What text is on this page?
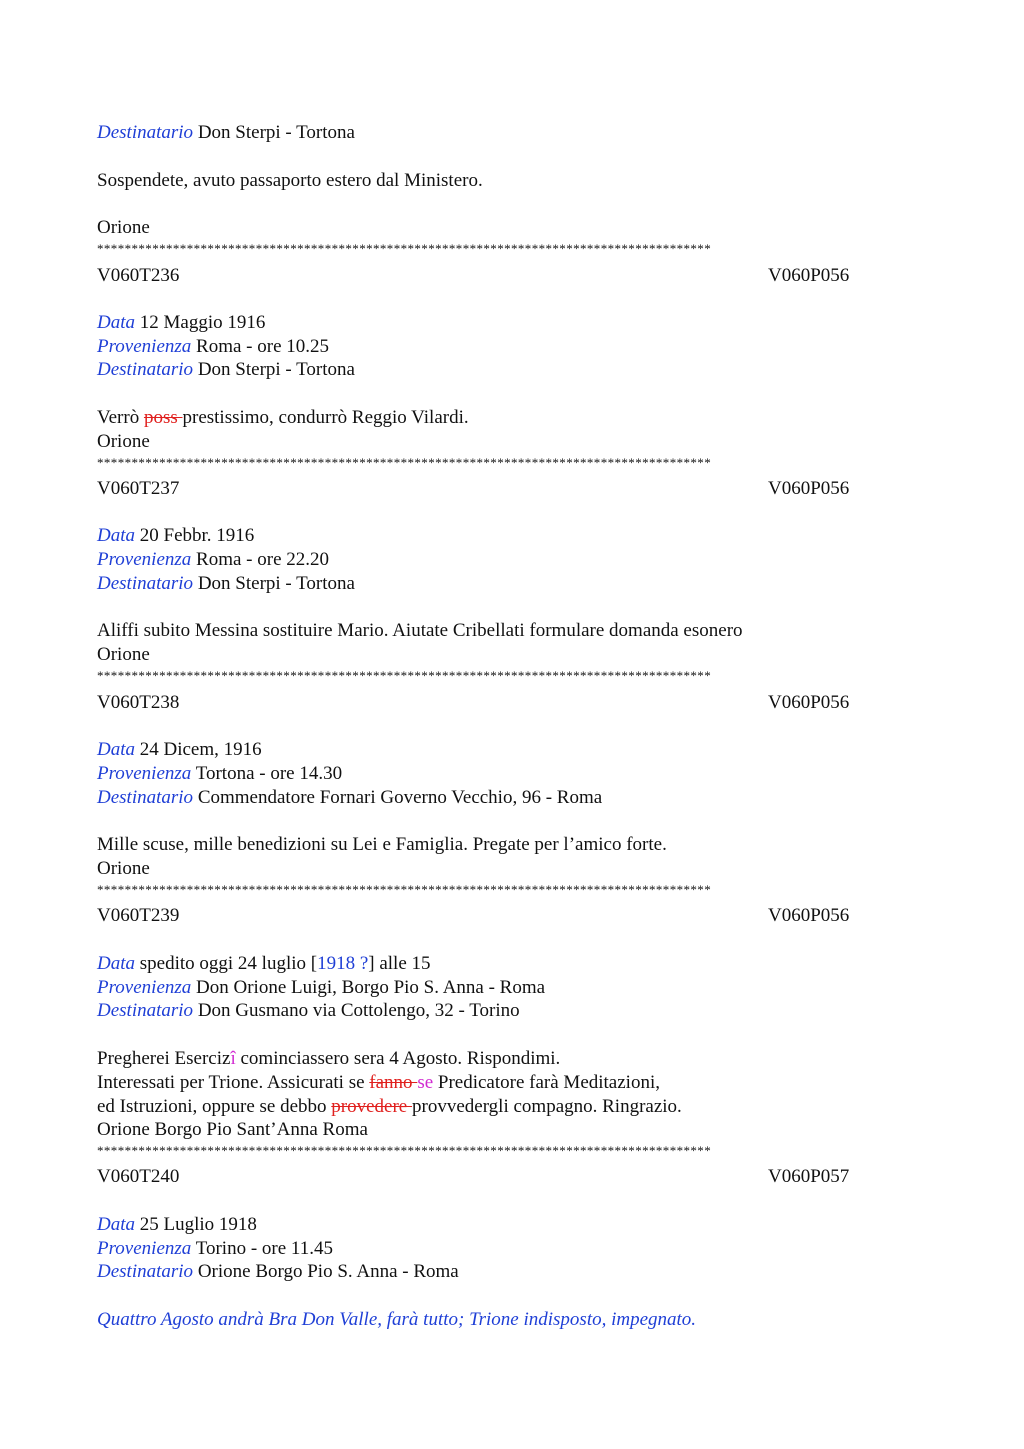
Destinatario Don Sterpi - Tortona
Sospendete, avuto passaporto estero dal Ministero.
Orione
*****************************************************************************************
V060T236	V060P056
Data 12 Maggio 1916
Provenienza Roma - ore 10.25
Destinatario Don Sterpi - Tortona
Verrò poss prestissimo, condurrò Reggio Vilardi.
Orione
*****************************************************************************************
V060T237	V060P056
Data 20 Febbr. 1916
Provenienza Roma - ore 22.20
Destinatario Don Sterpi - Tortona
Aliffi subito Messina sostituire Mario. Aiutate Cribellati formulare domanda esonero
Orione
*****************************************************************************************
V060T238	V060P056
Data 24 Dicem, 1916
Provenienza Tortona - ore 14.30
Destinatario Commendatore Fornari Governo Vecchio, 96 - Roma
Mille scuse, mille benedizioni su Lei e Famiglia. Pregate per l’amico forte.
Orione
*****************************************************************************************
V060T239	V060P056
Data spedito oggi 24 luglio [1918 ?] alle 15
Provenienza Don Orione Luigi, Borgo Pio S. Anna - Roma
Destinatario Don Gusmano via Cottolengo, 32 - Torino
Pregherei Esercizî cominciassero sera 4 Agosto. Rispondimi.
Interessati per Trione. Assicurati se fanno se Predicatore farà Meditazioni,
ed Istruzioni, oppure se debbo provedere provvedergli compagno. Ringrazio.
Orione Borgo Pio Sant’Anna Roma
*****************************************************************************************
V060T240	V060P057
Data 25 Luglio 1918
Provenienza Torino - ore 11.45
Destinatario Orione Borgo Pio S. Anna - Roma
Quattro Agosto andrà Bra Don Valle, farà tutto; Trione indisposto, impegnato.
